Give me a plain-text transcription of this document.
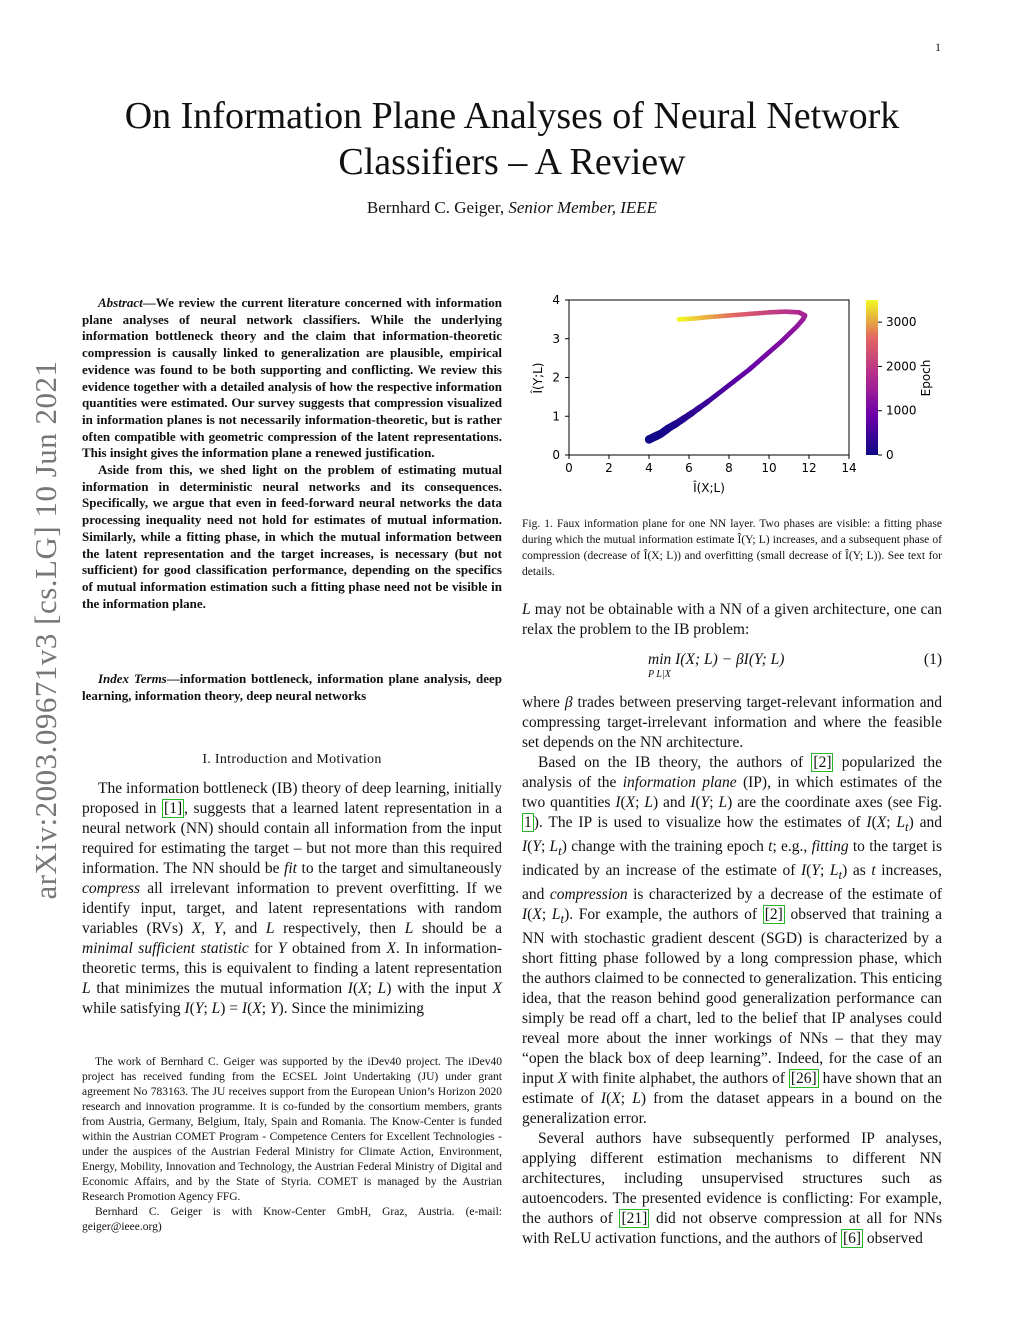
1
arXiv:2003.09671v3 [cs.LG] 10 Jun 2021
On Information Plane Analyses of Neural Network Classifiers – A Review
Bernhard C. Geiger, Senior Member, IEEE

Abstract—We review the current literature concerned with information plane analyses of neural network classifiers. While the underlying information bottleneck theory and the claim that information-theoretic compression is causally linked to generalization are plausible, empirical evidence was found to be both supporting and conflicting. We review this evidence together with a detailed analysis of how the respective information quantities were estimated. Our survey suggests that compression visualized in information planes is not necessarily information-theoretic, but is rather often compatible with geometric compression of the latent representations. This insight gives the information plane a renewed justification.

Aside from this, we shed light on the problem of estimating mutual information in deterministic neural networks and its consequences. Specifically, we argue that even in feed-forward neural networks the data processing inequality need not hold for estimates of mutual information. Similarly, while a fitting phase, in which the mutual information between the latent representation and the target increases, is necessary (but not sufficient) for good classification performance, depending on the specifics of mutual information estimation such a fitting phase need not be visible in the information plane.

Index Terms—information bottleneck, information plane analysis, deep learning, information theory, deep neural networks

I. Introduction and Motivation

The information bottleneck (IB) theory of deep learning, initially proposed in [1] , suggests that a learned latent representation in a neural network (NN) should contain all information from the input required for estimating the target – but not more than this required information. The NN should be fit to the target and simultaneously compress all irrelevant information to prevent overfitting. If we identify input, target, and latent representations with random variables (RVs) X, Y, and L respectively, then L should be a minimal sufficient statistic for Y obtained from X. In information-theoretic terms, this is equivalent to finding a latent representation L that minimizes the mutual information I(X; L) with the input X while satisfying I(Y; L) = I(X; Y). Since the minimizing

The work of Bernhard C. Geiger was supported by the iDev40 project. The iDev40 project has received funding from the ECSEL Joint Undertaking (JU) under grant agreement No 783163. The JU receives support from the European Union’s Horizon 2020 research and innovation programme. It is co-funded by the consortium members, grants from Austria, Germany, Belgium, Italy, Spain and Romania. The Know-Center is funded within the Austrian COMET Program - Competence Centers for Excellent Technologies - under the auspices of the Austrian Federal Ministry for Climate Action, Environment, Energy, Mobility, Innovation and Technology, the Austrian Federal Ministry of Digital and Economic Affairs, and by the State of Styria. COMET is managed by the Austrian Research Promotion Agency FFG.

Bernhard C. Geiger is with Know-Center GmbH, Graz, Austria. (e-mail: geiger@ieee.org)

0	2	4	6	8 10 12 14
0
1
2
3
4
Î(X;L)
Î(Y;L)
0
1000
2000
3000
Epoch
Fig. 1. Faux information plane for one NN layer. Two phases are visible: a fitting phase during which the mutual information estimate Î(Y; L) increases, and a subsequent phase of compression (decrease of Î(X; L)) and overfitting (small decrease of Î(Y; L)). See text for details.

L may not be obtainable with a NN of a given architecture, one can relax the problem to the IB problem:

min I(X; L) − βI(Y; L)
P L|X
(1)

where β trades between preserving target-relevant information and compressing target-irrelevant information and where the feasible set depends on the NN architecture.

Based on the IB theory, the authors of [2] popularized the analysis of the information plane (IP), in which estimates of the two quantities I(X; L) and I(Y; L) are the coordinate axes (see Fig. 1 ). The IP is used to visualize how the estimates of I(X; $L_t$) and I(Y; $L_t$) change with the training epoch t; e.g., fitting to the target is indicated by an increase of the estimate of I(Y; $L_t$) as t increases, and compression is characterized by a decrease of the estimate of I(X; $L_t$). For example, the authors of [2] observed that training a NN with stochastic gradient descent (SGD) is characterized by a short fitting phase followed by a long compression phase, which the authors claimed to be connected to generalization. This enticing idea, that the reason behind good generalization performance can simply be read off a chart, led to the belief that IP analyses could reveal more about the inner workings of NNs – that they may “open the black box of deep learning”. Indeed, for the case of an input X with finite alphabet, the authors of [26] have shown that an estimate of I(X; L) from the dataset appears in a bound on the generalization error.

Several authors have subsequently performed IP analyses, applying different estimation mechanisms to different NN architectures, including unsupervised structures such as autoencoders. The presented evidence is conflicting: For example, the authors of [21] did not observe compression at all for NNs with ReLU activation functions, and the authors of [6] observed
